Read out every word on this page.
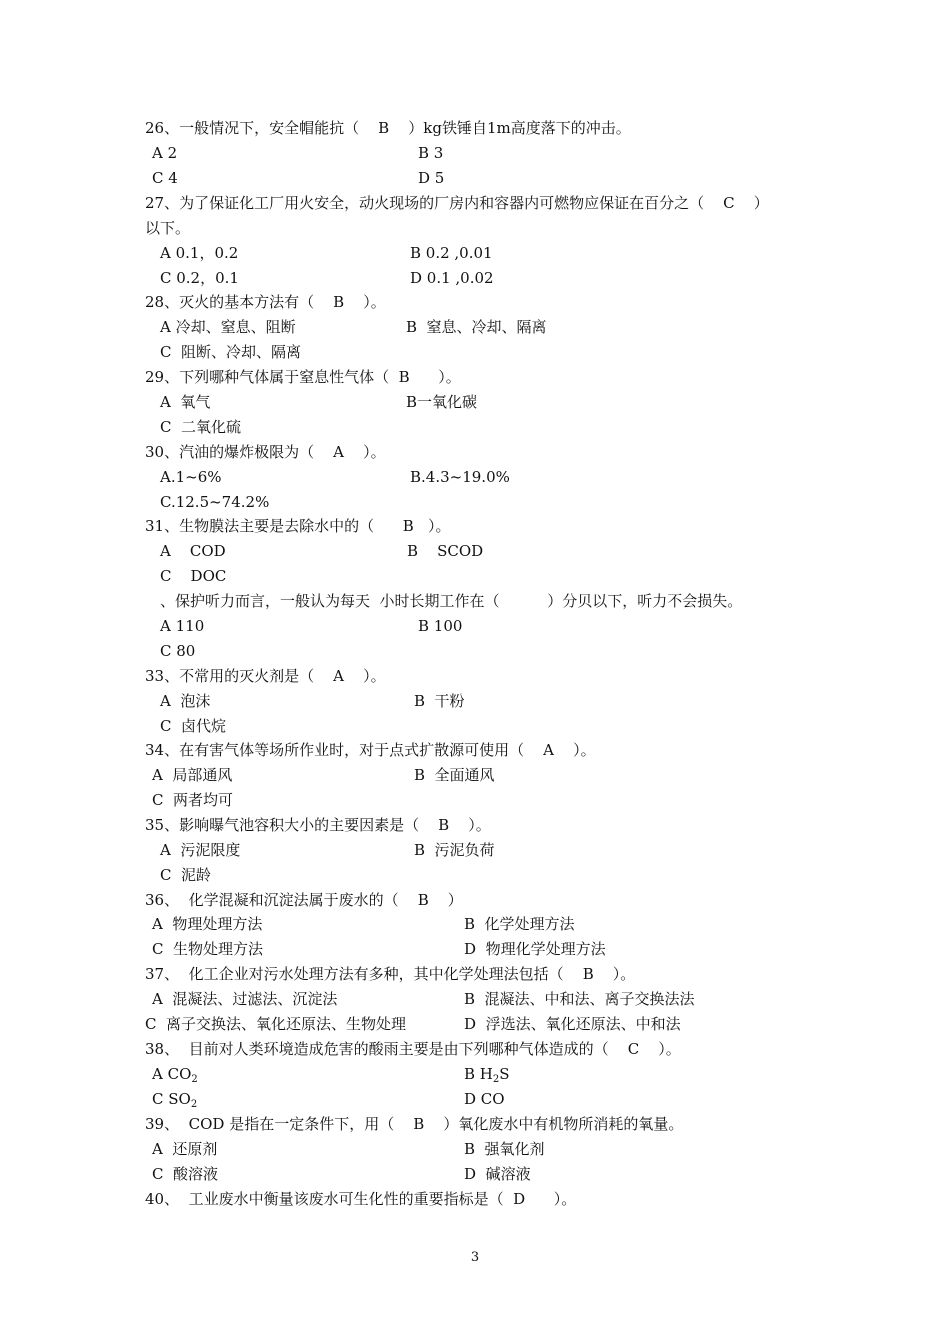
26、一般情况下，安全帽能抗（    B    ）kg铁锤自1m高度落下的冲击。
A 2	B 3
C 4	D 5
27、为了保证化工厂用火安全，动火现场的厂房内和容器内可燃物应保证在百分之（    C    ）
以下。
A 0.1，0.2	B 0.2 ,0.01
C 0.2，0.1	D 0.1 ,0.02
28、灭火的基本方法有（    B    ）。
A 冷却、窒息、阻断	B  窒息、冷却、隔离
C  阻断、冷却、隔离
29、下列哪种气体属于窒息性气体（  B      ）。
A  氧气	B一氧化碳
C  二氧化硫
30、汽油的爆炸极限为（    A    ）。
A.1~6%	B.4.3~19.0%
C.12.5~74.2%
31、生物膜法主要是去除水中的（      B   ）。
A    COD	B    SCOD
C    DOC
、保护听力而言，一般认为每天  小时长期工作在（          ）分贝以下，听力不会损失。
A 110	B 100
C 80
33、不常用的灭火剂是（    A    ）。
A  泡沫	B  干粉
C  卤代烷
34、在有害气体等场所作业时，对于点式扩散源可使用（    A    ）。
A  局部通风	B  全面通风
C  两者均可
35、影响曝气池容积大小的主要因素是（    B    ）。
A  污泥限度	B  污泥负荷
C  泥龄
36、  化学混凝和沉淀法属于废水的（    B    ）
A  物理处理方法	B  化学处理方法
C  生物处理方法	D  物理化学处理方法
37、  化工企业对污水处理方法有多种，其中化学处理法包括（    B    ）。
A  混凝法、过滤法、沉淀法	B  混凝法、中和法、离子交换法法
C  离子交换法、氧化还原法、生物处理	D  浮选法、氧化还原法、中和法
38、  目前对人类环境造成危害的酸雨主要是由下列哪种气体造成的（    C    ）。
A $CO_2$	B $H_2S$
C $SO_2$	D CO
39、  COD 是指在一定条件下，用（    B    ）氧化废水中有机物所消耗的氧量。
A  还原剂	B  强氧化剂
C  酸溶液	D  碱溶液
40、  工业废水中衡量该废水可生化性的重要指标是（  D      ）。
3
